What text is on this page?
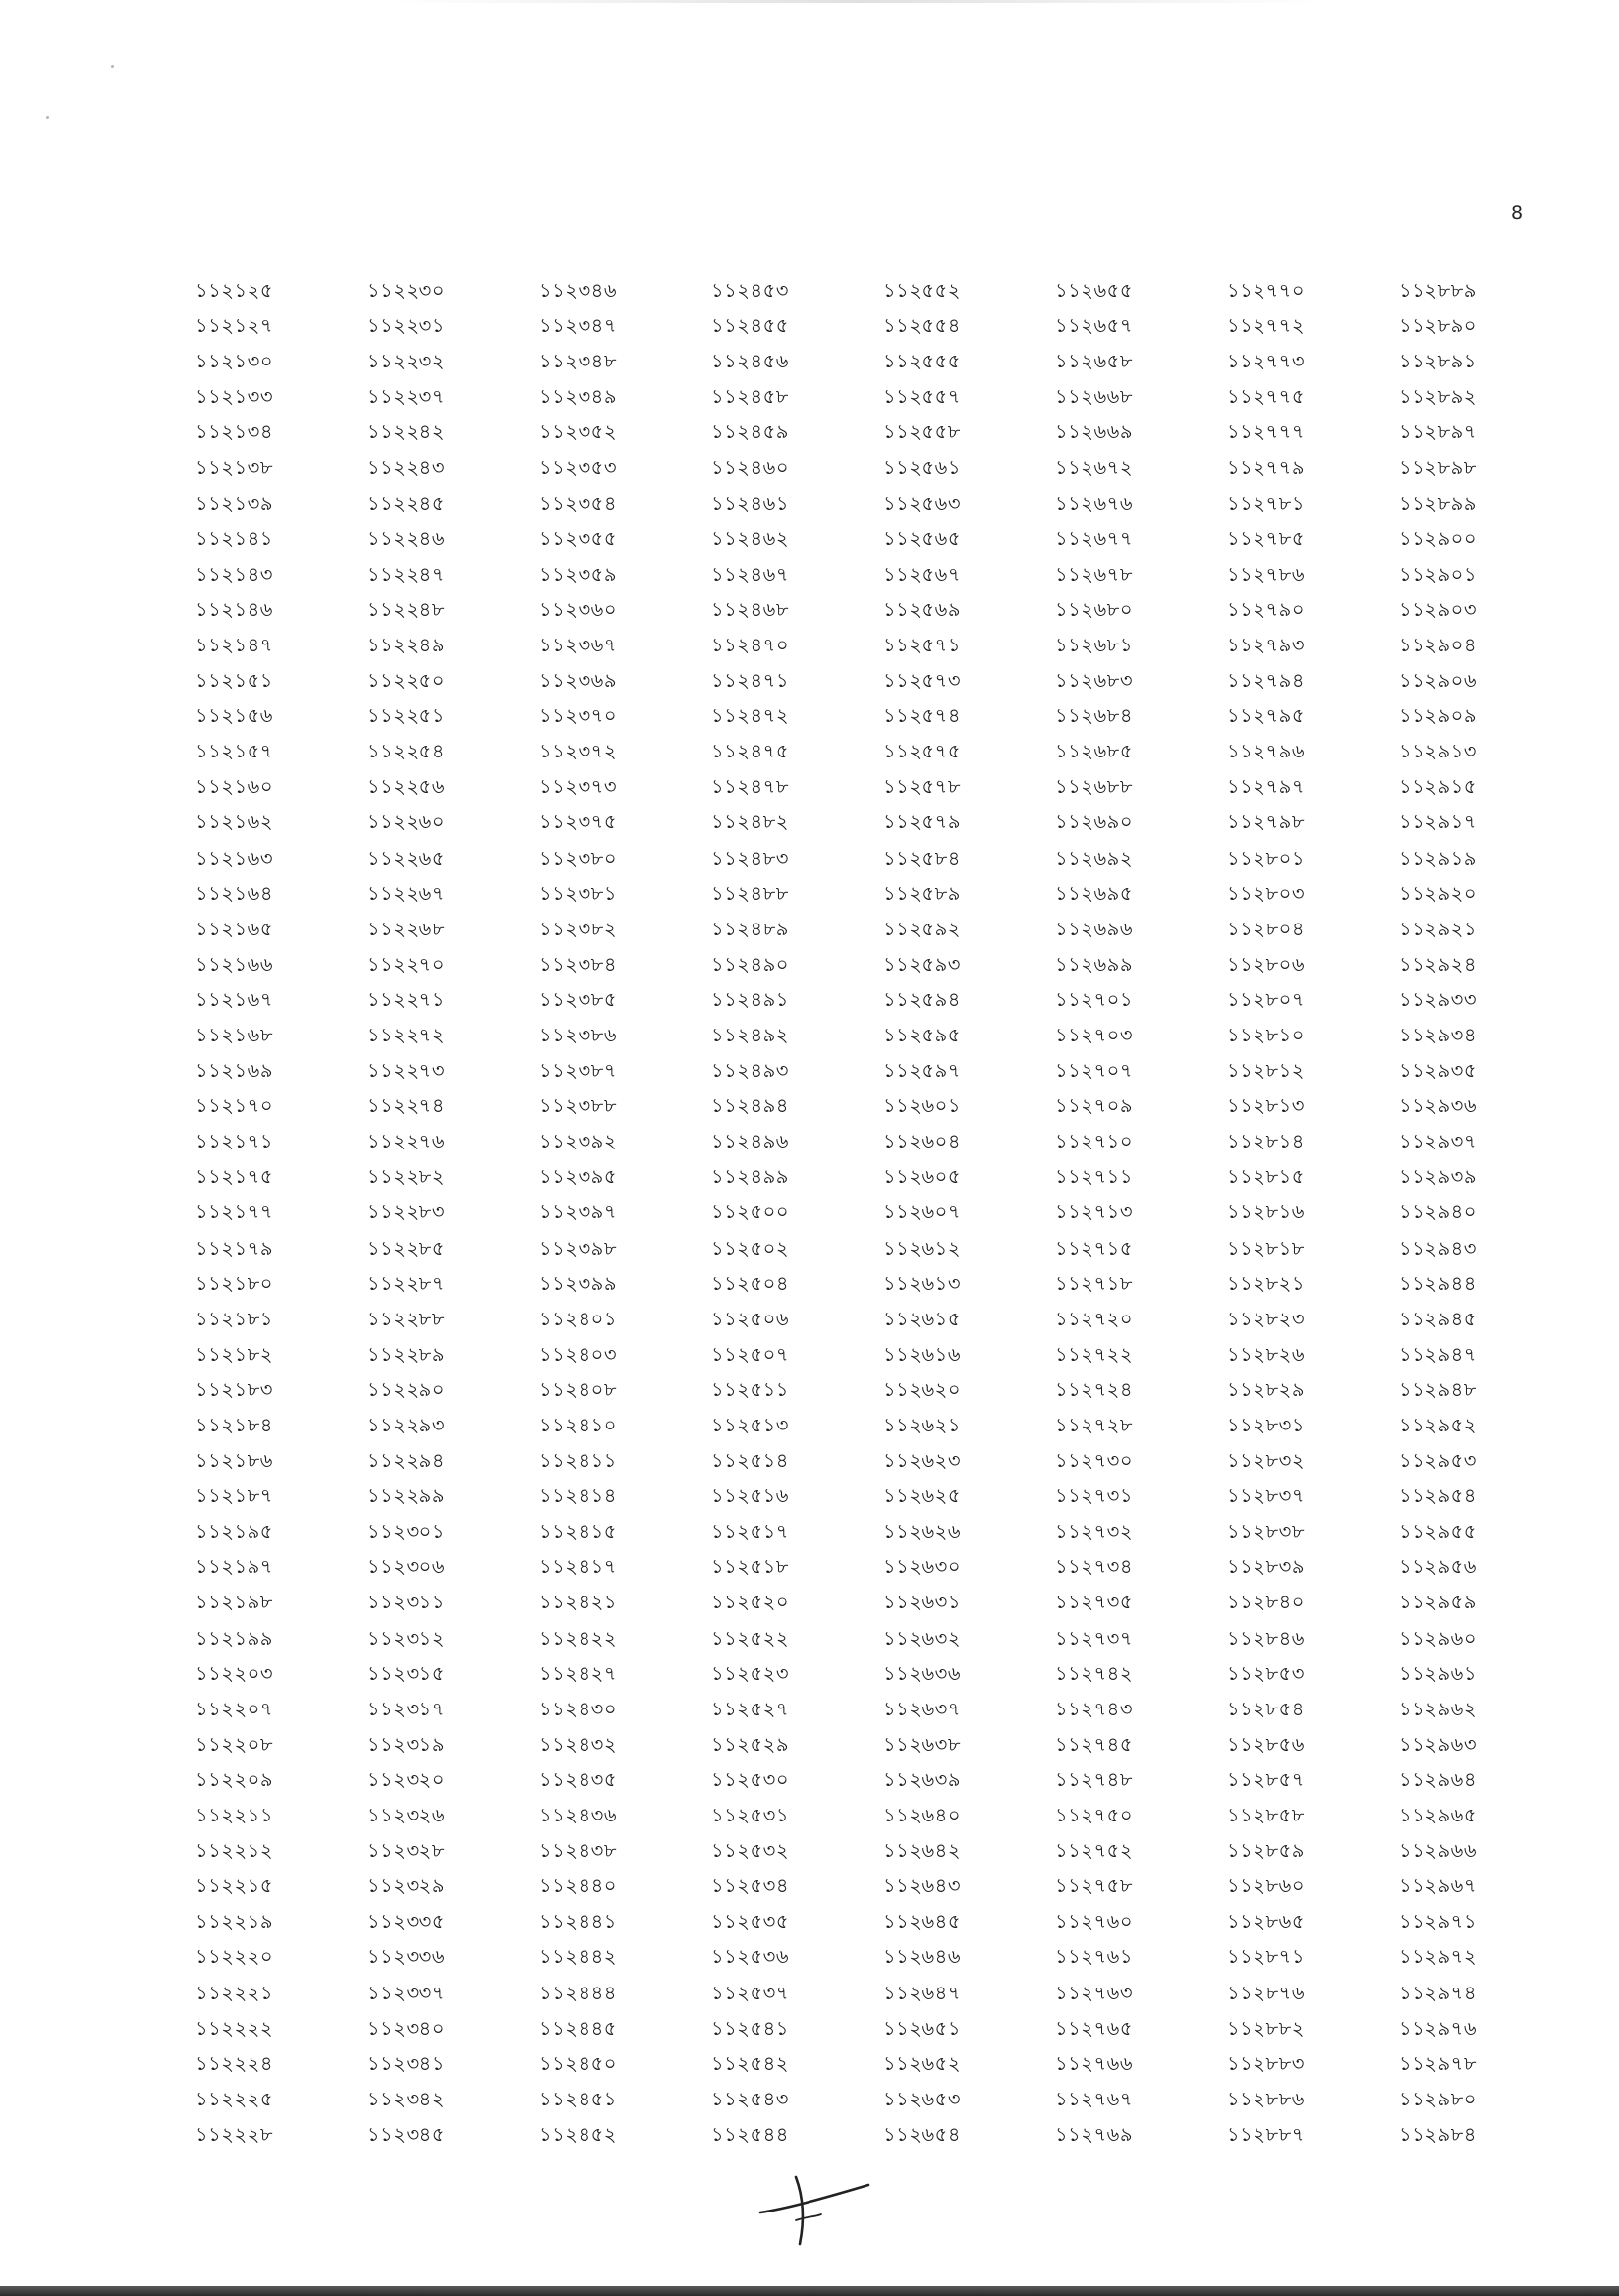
8
১১২১২৫
১১২১২৭
১১২১৩০
১১২১৩৩
১১২১৩৪
১১২১৩৮
১১২১৩৯
১১২১৪১
১১২১৪৩
১১২১৪৬
১১২১৪৭
১১২১৫১
১১২১৫৬
১১২১৫৭
১১২১৬০
১১২১৬২
১১২১৬৩
১১২১৬৪
১১২১৬৫
১১২১৬৬
১১২১৬৭
১১২১৬৮
১১২১৬৯
১১২১৭০
১১২১৭১
১১২১৭৫
১১২১৭৭
১১২১৭৯
১১২১৮০
১১২১৮১
১১২১৮২
১১২১৮৩
১১২১৮৪
১১২১৮৬
১১২১৮৭
১১২১৯৫
১১২১৯৭
১১২১৯৮
১১২১৯৯
১১২২০৩
১১২২০৭
১১২২০৮
১১২২০৯
১১২২১১
১১২২১২
১১২২১৫
১১২২১৯
১১২২২০
১১২২২১
১১২২২২
১১২২২৪
১১২২২৫
১১২২২৮
১১২২৩০
১১২২৩১
১১২২৩২
১১২২৩৭
১১২২৪২
১১২২৪৩
১১২২৪৫
১১২২৪৬
১১২২৪৭
১১২২৪৮
১১২২৪৯
১১২২৫০
১১২২৫১
১১২২৫৪
১১২২৫৬
১১২২৬০
১১২২৬৫
১১২২৬৭
১১২২৬৮
১১২২৭০
১১২২৭১
১১২২৭২
১১২২৭৩
১১২২৭৪
১১২২৭৬
১১২২৮২
১১২২৮৩
১১২২৮৫
১১২২৮৭
১১২২৮৮
১১২২৮৯
১১২২৯০
১১২২৯৩
১১২২৯৪
১১২২৯৯
১১২৩০১
১১২৩০৬
১১২৩১১
১১২৩১২
১১২৩১৫
১১২৩১৭
১১২৩১৯
১১২৩২০
১১২৩২৬
১১২৩২৮
১১২৩২৯
১১২৩৩৫
১১২৩৩৬
১১২৩৩৭
১১২৩৪০
১১২৩৪১
১১২৩৪২
১১২৩৪৫
১১২৩৪৬
১১২৩৪৭
১১২৩৪৮
১১২৩৪৯
১১২৩৫২
১১২৩৫৩
১১২৩৫৪
১১২৩৫৫
১১২৩৫৯
১১২৩৬০
১১২৩৬৭
১১২৩৬৯
১১২৩৭০
১১২৩৭২
১১২৩৭৩
১১২৩৭৫
১১২৩৮০
১১২৩৮১
১১২৩৮২
১১২৩৮৪
১১২৩৮৫
১১২৩৮৬
১১২৩৮৭
১১২৩৮৮
১১২৩৯২
১১২৩৯৫
১১২৩৯৭
১১২৩৯৮
১১২৩৯৯
১১২৪০১
১১২৪০৩
১১২৪০৮
১১২৪১০
১১২৪১১
১১২৪১৪
১১২৪১৫
১১২৪১৭
১১২৪২১
১১২৪২২
১১২৪২৭
১১২৪৩০
১১২৪৩২
১১২৪৩৫
১১২৪৩৬
১১২৪৩৮
১১২৪৪০
১১২৪৪১
১১২৪৪২
১১২৪৪৪
১১২৪৪৫
১১২৪৫০
১১২৪৫১
১১২৪৫২
১১২৪৫৩
১১২৪৫৫
১১২৪৫৬
১১২৪৫৮
১১২৪৫৯
১১২৪৬০
১১২৪৬১
১১২৪৬২
১১২৪৬৭
১১২৪৬৮
১১২৪৭০
১১২৪৭১
১১২৪৭২
১১২৪৭৫
১১২৪৭৮
১১২৪৮২
১১২৪৮৩
১১২৪৮৮
১১২৪৮৯
১১২৪৯০
১১২৪৯১
১১২৪৯২
১১২৪৯৩
১১২৪৯৪
১১২৪৯৬
১১২৪৯৯
১১২৫০০
১১২৫০২
১১২৫০৪
১১২৫০৬
১১২৫০৭
১১২৫১১
১১২৫১৩
১১২৫১৪
১১২৫১৬
১১২৫১৭
১১২৫১৮
১১২৫২০
১১২৫২২
১১২৫২৩
১১২৫২৭
১১২৫২৯
১১২৫৩০
১১২৫৩১
১১২৫৩২
১১২৫৩৪
১১২৫৩৫
১১২৫৩৬
১১২৫৩৭
১১২৫৪১
১১২৫৪২
১১২৫৪৩
১১২৫৪৪
১১২৫৫২
১১২৫৫৪
১১২৫৫৫
১১২৫৫৭
১১২৫৫৮
১১২৫৬১
১১২৫৬৩
১১২৫৬৫
১১২৫৬৭
১১২৫৬৯
১১২৫৭১
১১২৫৭৩
১১২৫৭৪
১১২৫৭৫
১১২৫৭৮
১১২৫৭৯
১১২৫৮৪
১১২৫৮৯
১১২৫৯২
১১২৫৯৩
১১২৫৯৪
১১২৫৯৫
১১২৫৯৭
১১২৬০১
১১২৬০৪
১১২৬০৫
১১২৬০৭
১১২৬১২
১১২৬১৩
১১২৬১৫
১১২৬১৬
১১২৬২০
১১২৬২১
১১২৬২৩
১১২৬২৫
১১২৬২৬
১১২৬৩০
১১২৬৩১
১১২৬৩২
১১২৬৩৬
১১২৬৩৭
১১২৬৩৮
১১২৬৩৯
১১২৬৪০
১১২৬৪২
১১২৬৪৩
১১২৬৪৫
১১২৬৪৬
১১২৬৪৭
১১২৬৫১
১১২৬৫২
১১২৬৫৩
১১২৬৫৪
১১২৬৫৫
১১২৬৫৭
১১২৬৫৮
১১২৬৬৮
১১২৬৬৯
১১২৬৭২
১১২৬৭৬
১১২৬৭৭
১১২৬৭৮
১১২৬৮০
১১২৬৮১
১১২৬৮৩
১১২৬৮৪
১১২৬৮৫
১১২৬৮৮
১১২৬৯০
১১২৬৯২
১১২৬৯৫
১১২৬৯৬
১১২৬৯৯
১১২৭০১
১১২৭০৩
১১২৭০৭
১১২৭০৯
১১২৭১০
১১২৭১১
১১২৭১৩
১১২৭১৫
১১২৭১৮
১১২৭২০
১১২৭২২
১১২৭২৪
১১২৭২৮
১১২৭৩০
১১২৭৩১
১১২৭৩২
১১২৭৩৪
১১২৭৩৫
১১২৭৩৭
১১২৭৪২
১১২৭৪৩
১১২৭৪৫
১১২৭৪৮
১১২৭৫০
১১২৭৫২
১১২৭৫৮
১১২৭৬০
১১২৭৬১
১১২৭৬৩
১১২৭৬৫
১১২৭৬৬
১১২৭৬৭
১১২৭৬৯
১১২৭৭০
১১২৭৭২
১১২৭৭৩
১১২৭৭৫
১১২৭৭৭
১১২৭৭৯
১১২৭৮১
১১২৭৮৫
১১২৭৮৬
১১২৭৯০
১১২৭৯৩
১১২৭৯৪
১১২৭৯৫
১১২৭৯৬
১১২৭৯৭
১১২৭৯৮
১১২৮০১
১১২৮০৩
১১২৮০৪
১১২৮০৬
১১২৮০৭
১১২৮১০
১১২৮১২
১১২৮১৩
১১২৮১৪
১১২৮১৫
১১২৮১৬
১১২৮১৮
১১২৮২১
১১২৮২৩
১১২৮২৬
১১২৮২৯
১১২৮৩১
১১২৮৩২
১১২৮৩৭
১১২৮৩৮
১১২৮৩৯
১১২৮৪০
১১২৮৪৬
১১২৮৫৩
১১২৮৫৪
১১২৮৫৬
১১২৮৫৭
১১২৮৫৮
১১২৮৫৯
১১২৮৬০
১১২৮৬৫
১১২৮৭১
১১২৮৭৬
১১২৮৮২
১১২৮৮৩
১১২৮৮৬
১১২৮৮৭
১১২৮৮৯
১১২৮৯০
১১২৮৯১
১১২৮৯২
১১২৮৯৭
১১২৮৯৮
১১২৮৯৯
১১২৯০০
১১২৯০১
১১২৯০৩
১১২৯০৪
১১২৯০৬
১১২৯০৯
১১২৯১৩
১১২৯১৫
১১২৯১৭
১১২৯১৯
১১২৯২০
১১২৯২১
১১২৯২৪
১১২৯৩৩
১১২৯৩৪
১১২৯৩৫
১১২৯৩৬
১১২৯৩৭
১১২৯৩৯
১১২৯৪০
১১২৯৪৩
১১২৯৪৪
১১২৯৪৫
১১২৯৪৭
১১২৯৪৮
১১২৯৫২
১১২৯৫৩
১১২৯৫৪
১১২৯৫৫
১১২৯৫৬
১১২৯৫৯
১১২৯৬০
১১২৯৬১
১১২৯৬২
১১২৯৬৩
১১২৯৬৪
১১২৯৬৫
১১২৯৬৬
১১২৯৬৭
১১২৯৭১
১১২৯৭২
১১২৯৭৪
১১২৯৭৬
১১২৯৭৮
১১২৯৮০
১১২৯৮৪
